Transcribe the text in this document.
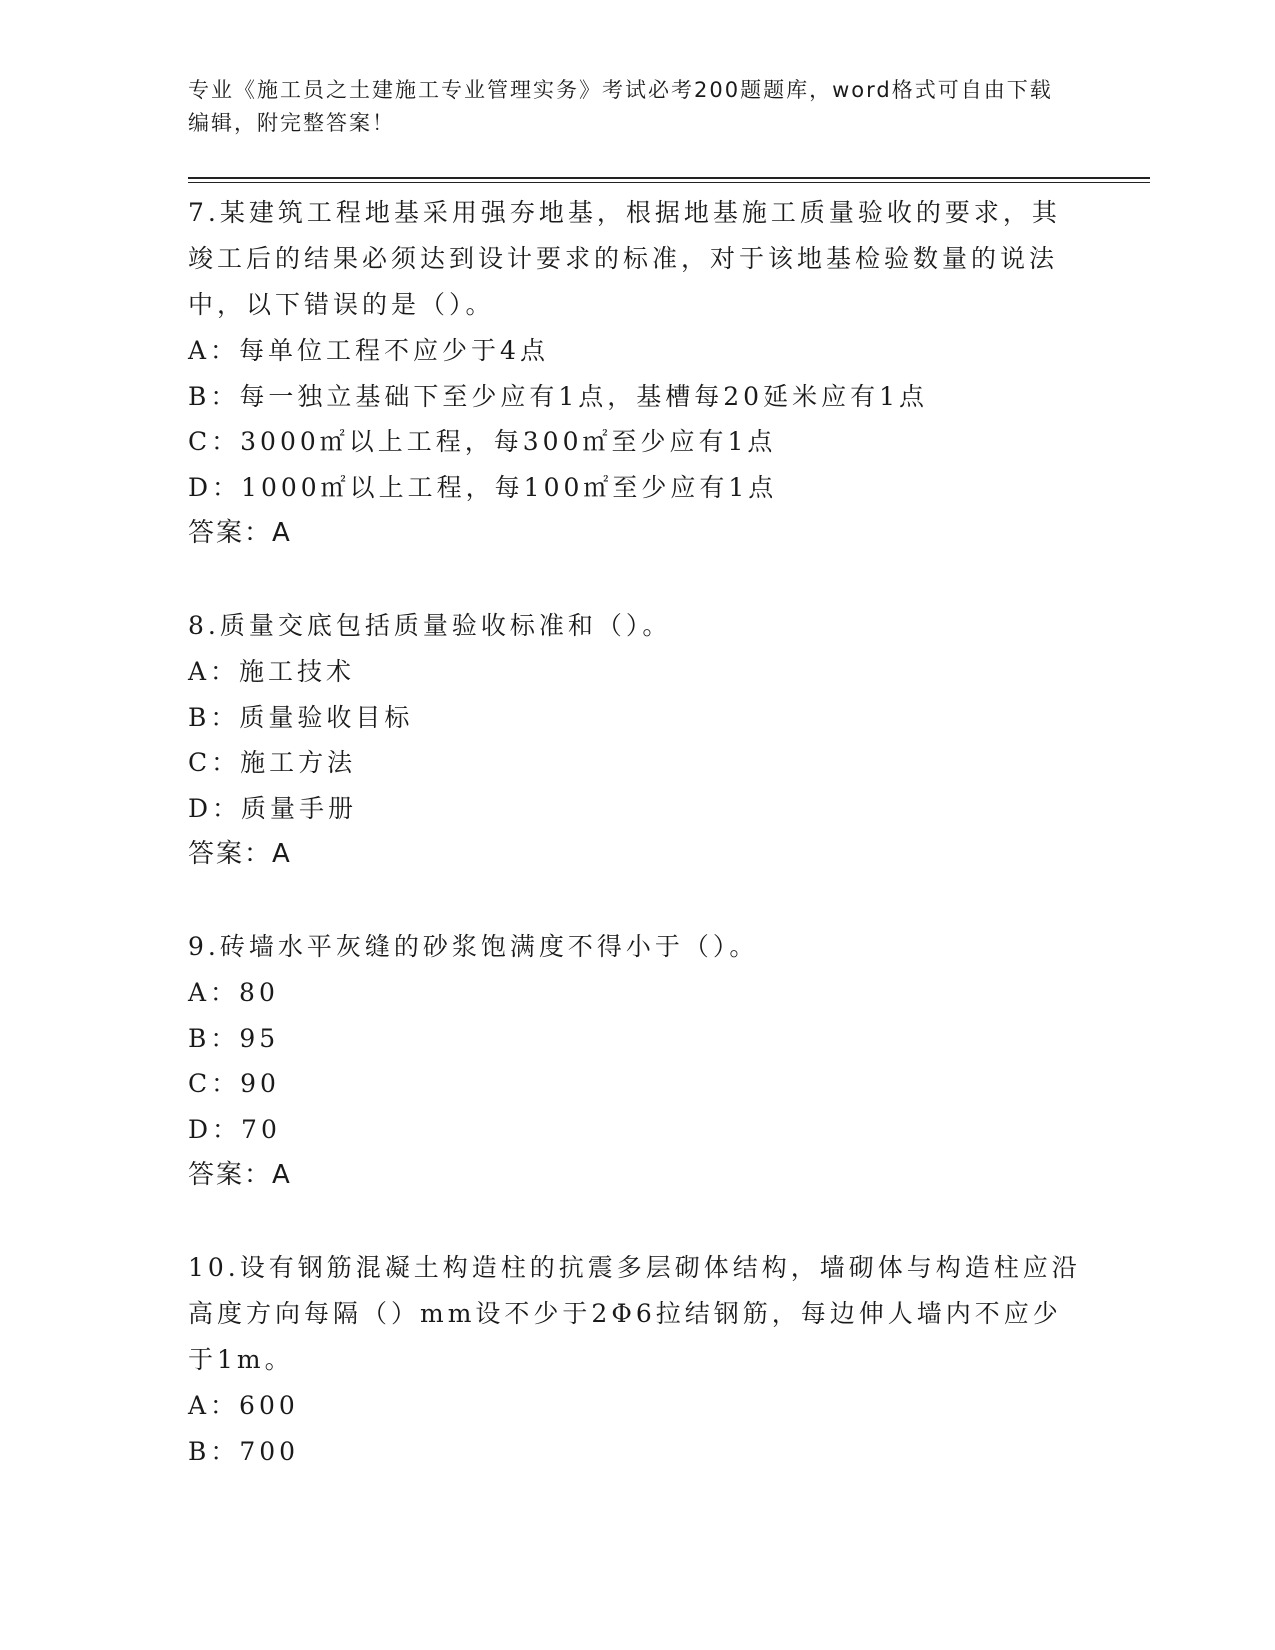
专业《施工员之土建施工专业管理实务》考试必考200题题库，word格式可自由下载编辑，附完整答案！
7.某建筑工程地基采用强夯地基，根据地基施工质量验收的要求，其竣工后的结果必须达到设计要求的标准，对于该地基检验数量的说法中，以下错误的是（）。
A：每单位工程不应少于4点
B：每一独立基础下至少应有1点，基槽每20延米应有1点
C：3000㎡以上工程，每300㎡至少应有1点
D：1000㎡以上工程，每100㎡至少应有1点
答案：A
8.质量交底包括质量验收标准和（）。
A：施工技术
B：质量验收目标
C：施工方法
D：质量手册
答案：A
9.砖墙水平灰缝的砂浆饱满度不得小于（）。
A：80
B：95
C：90
D：70
答案：A
10.设有钢筋混凝土构造柱的抗震多层砌体结构，墙砌体与构造柱应沿高度方向每隔（）mm设不少于2Φ6拉结钢筋，每边伸人墙内不应少于1m。
A：600
B：700
